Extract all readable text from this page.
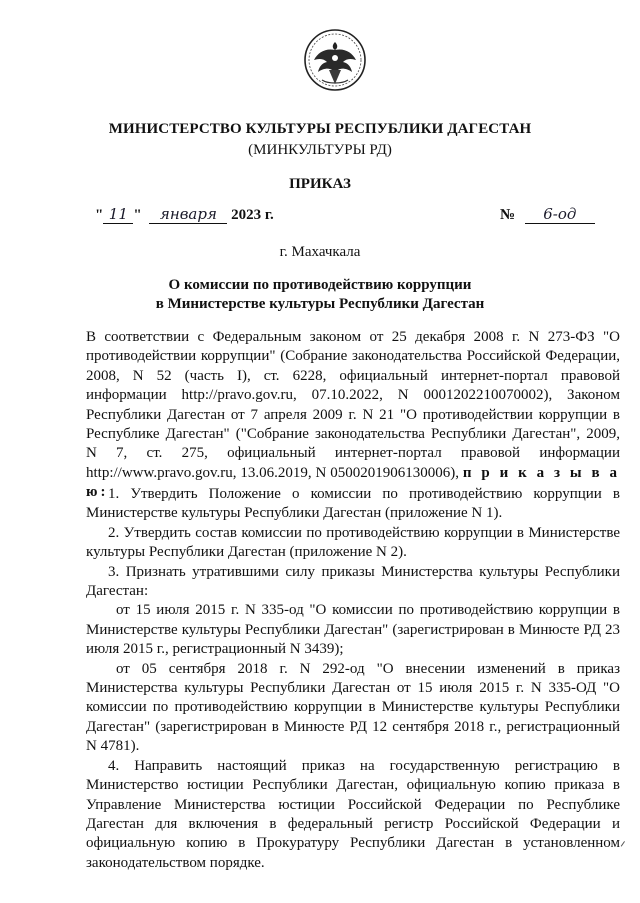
МИНИСТЕРСТВО КУЛЬТУРЫ РЕСПУБЛИКИ ДАГЕСТАН
(МИНКУЛЬТУРЫ РД)
ПРИКАЗ
" 11 " января 2023 г.	№ 6-од
г. Махачкала
О комиссии по противодействию коррупции
в Министерстве культуры Республики Дагестан

В соответствии с Федеральным законом от 25 декабря 2008 г. N 273-ФЗ "О противодействии коррупции" (Собрание законодательства Российской Федерации, 2008, N 52 (часть I), ст. 6228, официальный интернет-портал правовой информации http://pravo.gov.ru, 07.10.2022, N 0001202210070002), Законом Республики Дагестан от 7 апреля 2009 г. N 21 "О противодействии коррупции в Республике Дагестан" ("Собрание законодательства Республики Дагестан", 2009, N 7, ст. 275, официальный интернет-портал правовой информации http://www.pravo.gov.ru, 13.06.2019, N 0500201906130006), п р и к а з ы в а ю: 1. Утвердить Положение о комиссии по противодействию коррупции в Министерстве культуры Республики Дагестан (приложение N 1).

2. Утвердить состав комиссии по противодействию коррупции в Министерстве культуры Республики Дагестан (приложение N 2).

3. Признать утратившими силу приказы Министерства культуры Республики Дагестан:

от 15 июля 2015 г. N 335-од "О комиссии по противодействию коррупции в Министерстве культуры Республики Дагестан" (зарегистрирован в Минюсте РД 23 июля 2015 г., регистрационный N 3439);

от 05 сентября 2018 г. N 292-од "О внесении изменений в приказ Министерства культуры Республики Дагестан от 15 июля 2015 г. N 335-ОД "О комиссии по противодействию коррупции в Министерстве культуры Республики Дагестан" (зарегистрирован в Минюсте РД 12 сентября 2018 г., регистрационный N 4781).

4. Направить настоящий приказ на государственную регистрацию в Министерство юстиции Республики Дагестан, официальную копию приказа в Управление Министерства юстиции Российской Федерации по Республике Дагестан для включения в федеральный регистр Российской Федерации и официальную копию в Прокуратуру Республики Дагестан в установленном законодательством порядке.
